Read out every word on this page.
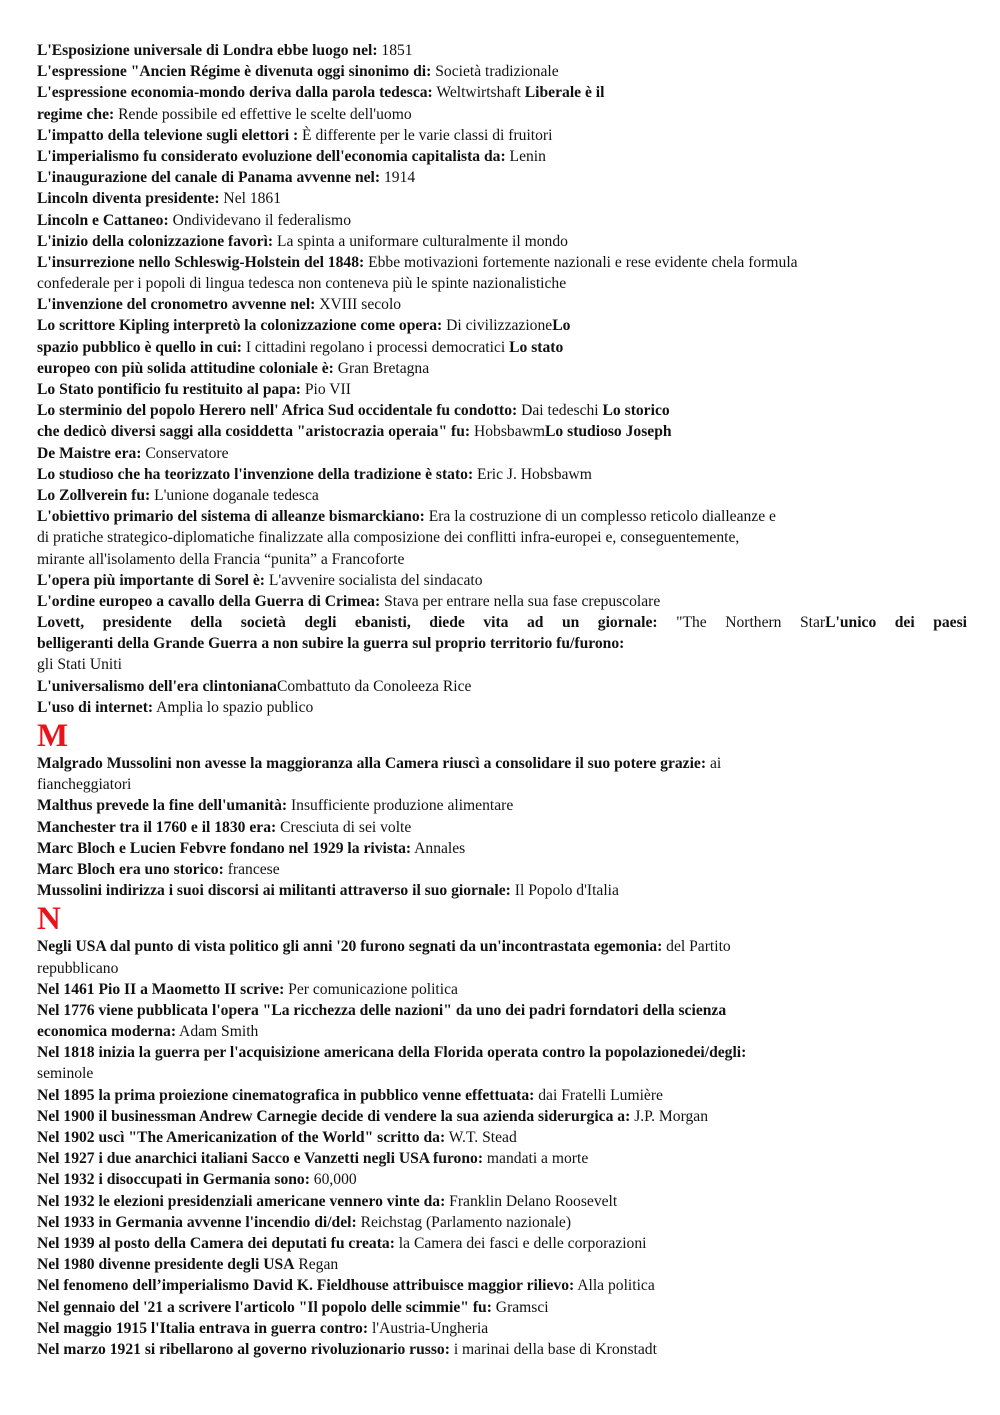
L'Esposizione universale di Londra ebbe luogo nel: 1851
L'espressione "Ancien Régime è divenuta oggi sinonimo di: Società tradizionale
L'espressione economia-mondo deriva dalla parola tedesca: Weltwirtshaft Liberale è il
regime che: Rende possibile ed effettive le scelte dell'uomo
L'impatto della televione sugli elettori : È differente per le varie classi di fruitori
L'imperialismo fu considerato evoluzione dell'economia capitalista da: Lenin
L'inaugurazione del canale di Panama avvenne nel: 1914
Lincoln diventa presidente: Nel 1861
Lincoln e Cattaneo: Ondividevano il federalismo
L'inizio della colonizzazione favorì: La spinta a uniformare culturalmente il mondo
L'insurrezione nello Schleswig-Holstein del 1848: Ebbe motivazioni fortemente nazionali e rese evidente chela formula
confederale per i popoli di lingua tedesca non conteneva più le spinte nazionalistiche
L'invenzione del cronometro avvenne nel: XVIII secolo
Lo scrittore Kipling interpretò la colonizzazione come opera: Di civilizzazioneLo
spazio pubblico è quello in cui: I cittadini regolano i processi democratici Lo stato
europeo con più solida attitudine coloniale è: Gran Bretagna
Lo Stato pontificio fu restituito al papa: Pio VII
Lo sterminio del popolo Herero nell' Africa Sud occidentale fu condotto: Dai tedeschi Lo storico
che dedicò diversi saggi alla cosiddetta "aristocrazia operaia" fu: HobsbawmLo studioso Joseph
De Maistre era: Conservatore
Lo studioso che ha teorizzato l'invenzione della tradizione è stato: Eric J. Hobsbawm
Lo Zollverein fu: L'unione doganale tedesca
L'obiettivo primario del sistema di alleanze bismarckiano: Era la costruzione di un complesso reticolo dialleanze e
di pratiche strategico-diplomatiche finalizzate alla composizione dei conflitti infra-europei e, conseguentemente,
mirante all'isolamento della Francia “punita” a Francoforte
L'opera più importante di Sorel è: L'avvenire socialista del sindacato
L'ordine europeo a cavallo della Guerra di Crimea: Stava per entrare nella sua fase crepuscolare
Lovett, presidente della società degli ebanisti, diede vita ad un giornale: "The Northern StarL'unico dei paesi
belligeranti della Grande Guerra a non subire la guerra sul proprio territorio fu/furono:
gli Stati Uniti
L'universalismo dell'era clintonianaCombattuto da Conoleeza Rice
L'uso di internet: Amplia lo spazio publico
M
Malgrado Mussolini non avesse la maggioranza alla Camera riuscì a consolidare il suo potere grazie: ai
fiancheggiatori
Malthus prevede la fine dell'umanità: Insufficiente produzione alimentare
Manchester tra il 1760 e il 1830 era: Cresciuta di sei volte
Marc Bloch e Lucien Febvre fondano nel 1929 la rivista: Annales
Marc Bloch era uno storico: francese
Mussolini indirizza i suoi discorsi ai militanti attraverso il suo giornale: Il Popolo d'Italia
N
Negli USA dal punto di vista politico gli anni '20 furono segnati da un'incontrastata egemonia: del Partito
repubblicano
Nel 1461 Pio II a Maometto II scrive: Per comunicazione politica
Nel 1776 viene pubblicata l'opera "La ricchezza delle nazioni" da uno dei padri forndatori della scienza
economica moderna: Adam Smith
Nel 1818 inizia la guerra per l'acquisizione americana della Florida operata contro la popolazionedei/degli:
seminole
Nel 1895 la prima proiezione cinematografica in pubblico venne effettuata: dai Fratelli Lumière
Nel 1900 il businessman Andrew Carnegie decide di vendere la sua azienda siderurgica a: J.P. Morgan
Nel 1902 uscì "The Americanization of the World" scritto da: W.T. Stead
Nel 1927 i due anarchici italiani Sacco e Vanzetti negli USA furono: mandati a morte
Nel 1932 i disoccupati in Germania sono: 60,000
Nel 1932 le elezioni presidenziali americane vennero vinte da: Franklin Delano Roosevelt
Nel 1933 in Germania avvenne l'incendio di/del: Reichstag (Parlamento nazionale)
Nel 1939 al posto della Camera dei deputati fu creata: la Camera dei fasci e delle corporazioni
Nel 1980 divenne presidente degli USA Regan
Nel fenomeno dell’imperialismo David K. Fieldhouse attribuisce maggior rilievo: Alla politica
Nel gennaio del '21 a scrivere l'articolo "Il popolo delle scimmie" fu: Gramsci
Nel maggio 1915 l'Italia entrava in guerra contro: l'Austria-Ungheria
Nel marzo 1921 si ribellarono al governo rivoluzionario russo: i marinai della base di Kronstadt
